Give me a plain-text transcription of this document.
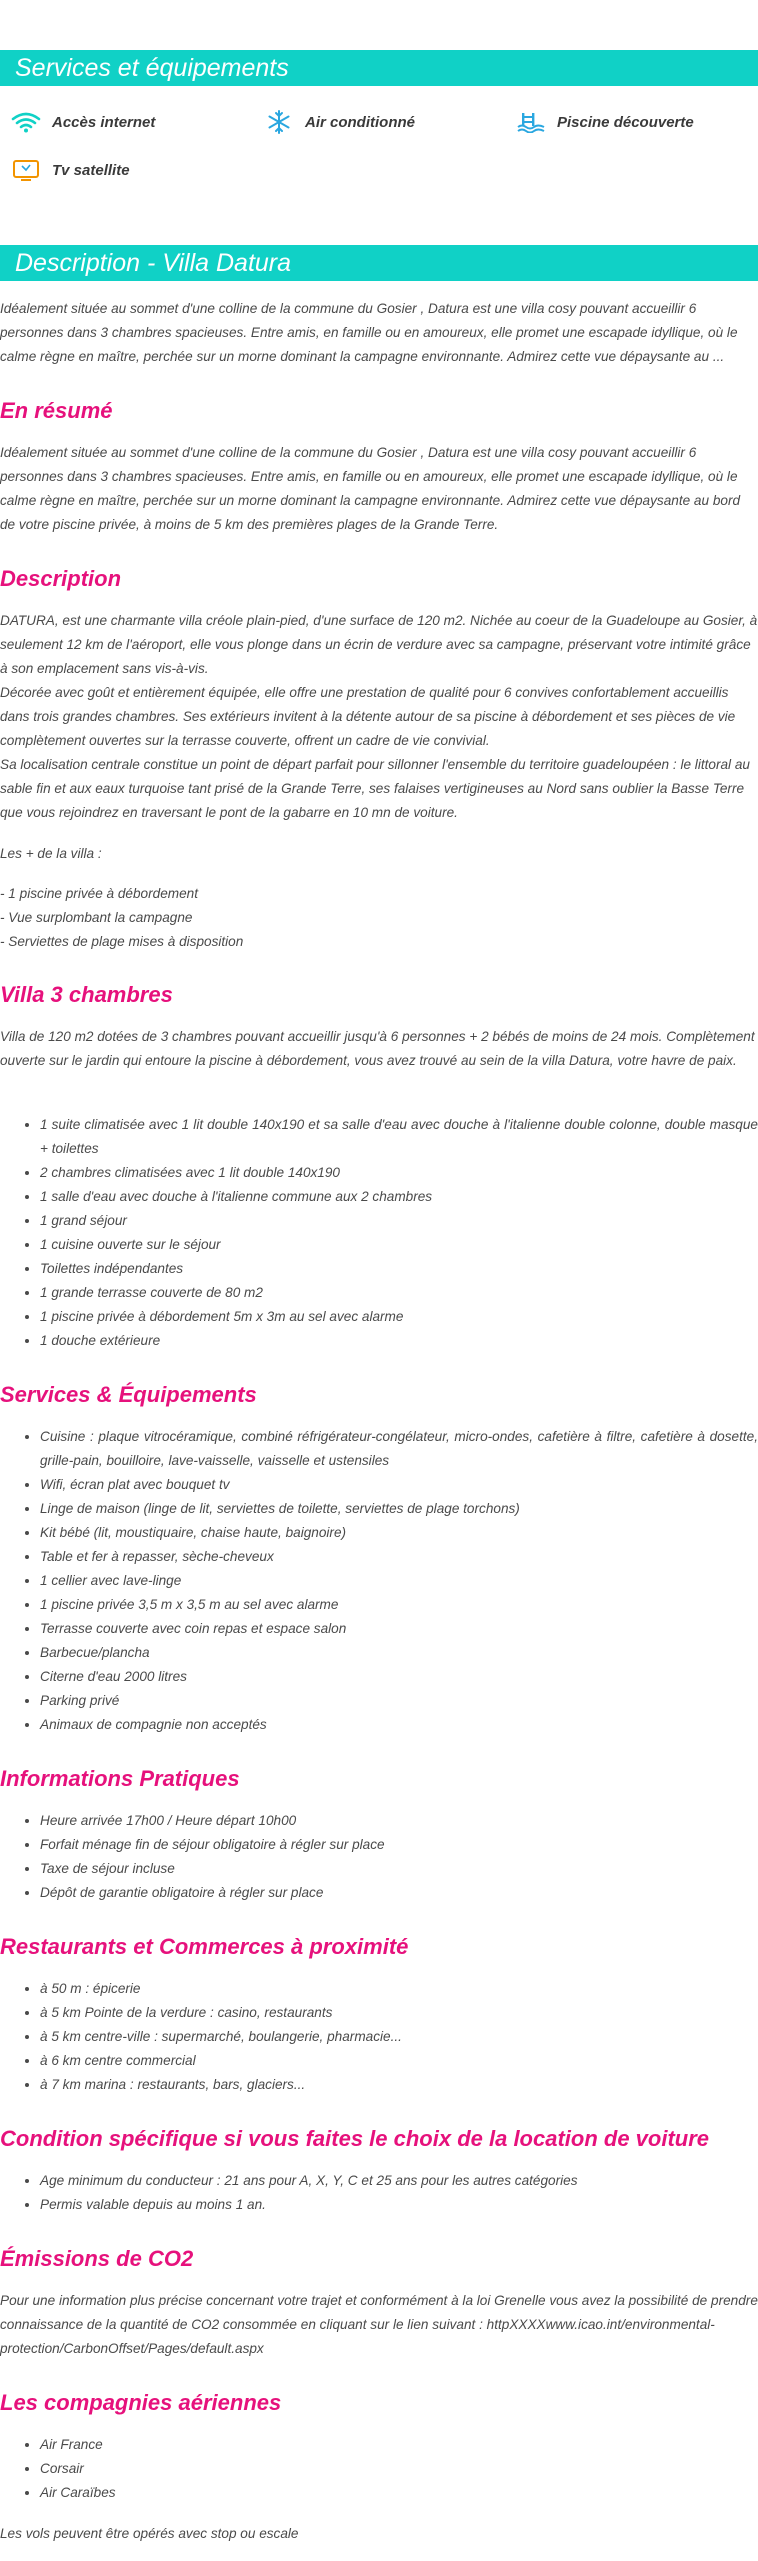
Services et équipements
Accès internet	Air conditionné	Piscine découverte
Tv satellite
Description - Villa Datura

Idéalement située au sommet d'une colline de la commune du Gosier , Datura est une villa cosy pouvant accueillir 6 personnes dans 3 chambres spacieuses. Entre amis, en famille ou en amoureux, elle promet une escapade idyllique, où le calme règne en maître, perchée sur un morne dominant la campagne environnante. Admirez cette vue dépaysante au ...

En résumé

Idéalement située au sommet d'une colline de la commune du Gosier , Datura est une villa cosy pouvant accueillir 6 personnes dans 3 chambres spacieuses. Entre amis, en famille ou en amoureux, elle promet une escapade idyllique, où le calme règne en maître, perchée sur un morne dominant la campagne environnante. Admirez cette vue dépaysante au bord de votre piscine privée, à moins de 5 km des premières plages de la Grande Terre.

Description

DATURA, est une charmante villa créole plain-pied, d'une surface de 120 m2. Nichée au coeur de la Guadeloupe au Gosier, à seulement 12 km de l'aéroport, elle vous plonge dans un écrin de verdure avec sa campagne, préservant votre intimité grâce à son emplacement sans vis-à-vis.

Décorée avec goût et entièrement équipée, elle offre une prestation de qualité pour 6 convives confortablement accueillis dans trois grandes chambres. Ses extérieurs invitent à la détente autour de sa piscine à débordement et ses pièces de vie complètement ouvertes sur la terrasse couverte, offrent un cadre de vie convivial.

Sa localisation centrale constitue un point de départ parfait pour sillonner l'ensemble du territoire guadeloupéen : le littoral au sable fin et aux eaux turquoise tant prisé de la Grande Terre, ses falaises vertigineuses au Nord sans oublier la Basse Terre que vous rejoindrez en traversant le pont de la gabarre en 10 mn de voiture.

Les + de la villa :

- 1 piscine privée à débordement

- Vue surplombant la campagne

- Serviettes de plage mises à disposition

Villa 3 chambres

Villa de 120 m2 dotées de 3 chambres pouvant accueillir jusqu'à 6 personnes + 2 bébés de moins de 24 mois. Complètement ouverte sur le jardin qui entoure la piscine à débordement, vous avez trouvé au sein de la villa Datura, votre havre de paix.

• 1 suite climatisée avec 1 lit double 140x190 et sa salle d'eau avec douche à l'italienne double colonne, double masque + toilettes
• 2 chambres climatisées avec 1 lit double 140x190
• 1 salle d'eau avec douche à l'italienne commune aux 2 chambres
• 1 grand séjour
• 1 cuisine ouverte sur le séjour
• Toilettes indépendantes
• 1 grande terrasse couverte de 80 m2
• 1 piscine privée à débordement 5m x 3m au sel avec alarme
• 1 douche extérieure
Services & Équipements
• Cuisine : plaque vitrocéramique, combiné réfrigérateur-congélateur, micro-ondes, cafetière à filtre, cafetière à dosette, grille-pain, bouilloire, lave-vaisselle, vaisselle et ustensiles
• Wifi, écran plat avec bouquet tv
• Linge de maison (linge de lit, serviettes de toilette, serviettes de plage torchons)
• Kit bébé (lit, moustiquaire, chaise haute, baignoire)
• Table et fer à repasser, sèche-cheveux
• 1 cellier avec lave-linge
• 1 piscine privée 3,5 m x 3,5 m au sel avec alarme
• Terrasse couverte avec coin repas et espace salon
• Barbecue/plancha
• Citerne d'eau 2000 litres
• Parking privé
• Animaux de compagnie non acceptés
Informations Pratiques
• Heure arrivée 17h00 / Heure départ 10h00
• Forfait ménage fin de séjour obligatoire à régler sur place
• Taxe de séjour incluse
• Dépôt de garantie obligatoire à régler sur place
Restaurants et Commerces à proximité
• à 50 m : épicerie
• à 5 km Pointe de la verdure : casino, restaurants
• à 5 km centre-ville : supermarché, boulangerie, pharmacie...
• à 6 km centre commercial
• à 7 km marina : restaurants, bars, glaciers...
Condition spécifique si vous faites le choix de la location de voiture
• Age minimum du conducteur : 21 ans pour A, X, Y, C et 25 ans pour les autres catégories
• Permis valable depuis au moins 1 an.
Émissions de CO2

Pour une information plus précise concernant votre trajet et conformément à la loi Grenelle vous avez la possibilité de prendre connaissance de la quantité de CO2 consommée en cliquant sur le lien suivant : httpXXXXwww.icao.int/environmental-protection/CarbonOffset/Pages/default.aspx

Les compagnies aériennes
• Air France
• Corsair
• Air Caraïbes

Les vols peuvent être opérés avec stop ou escale
